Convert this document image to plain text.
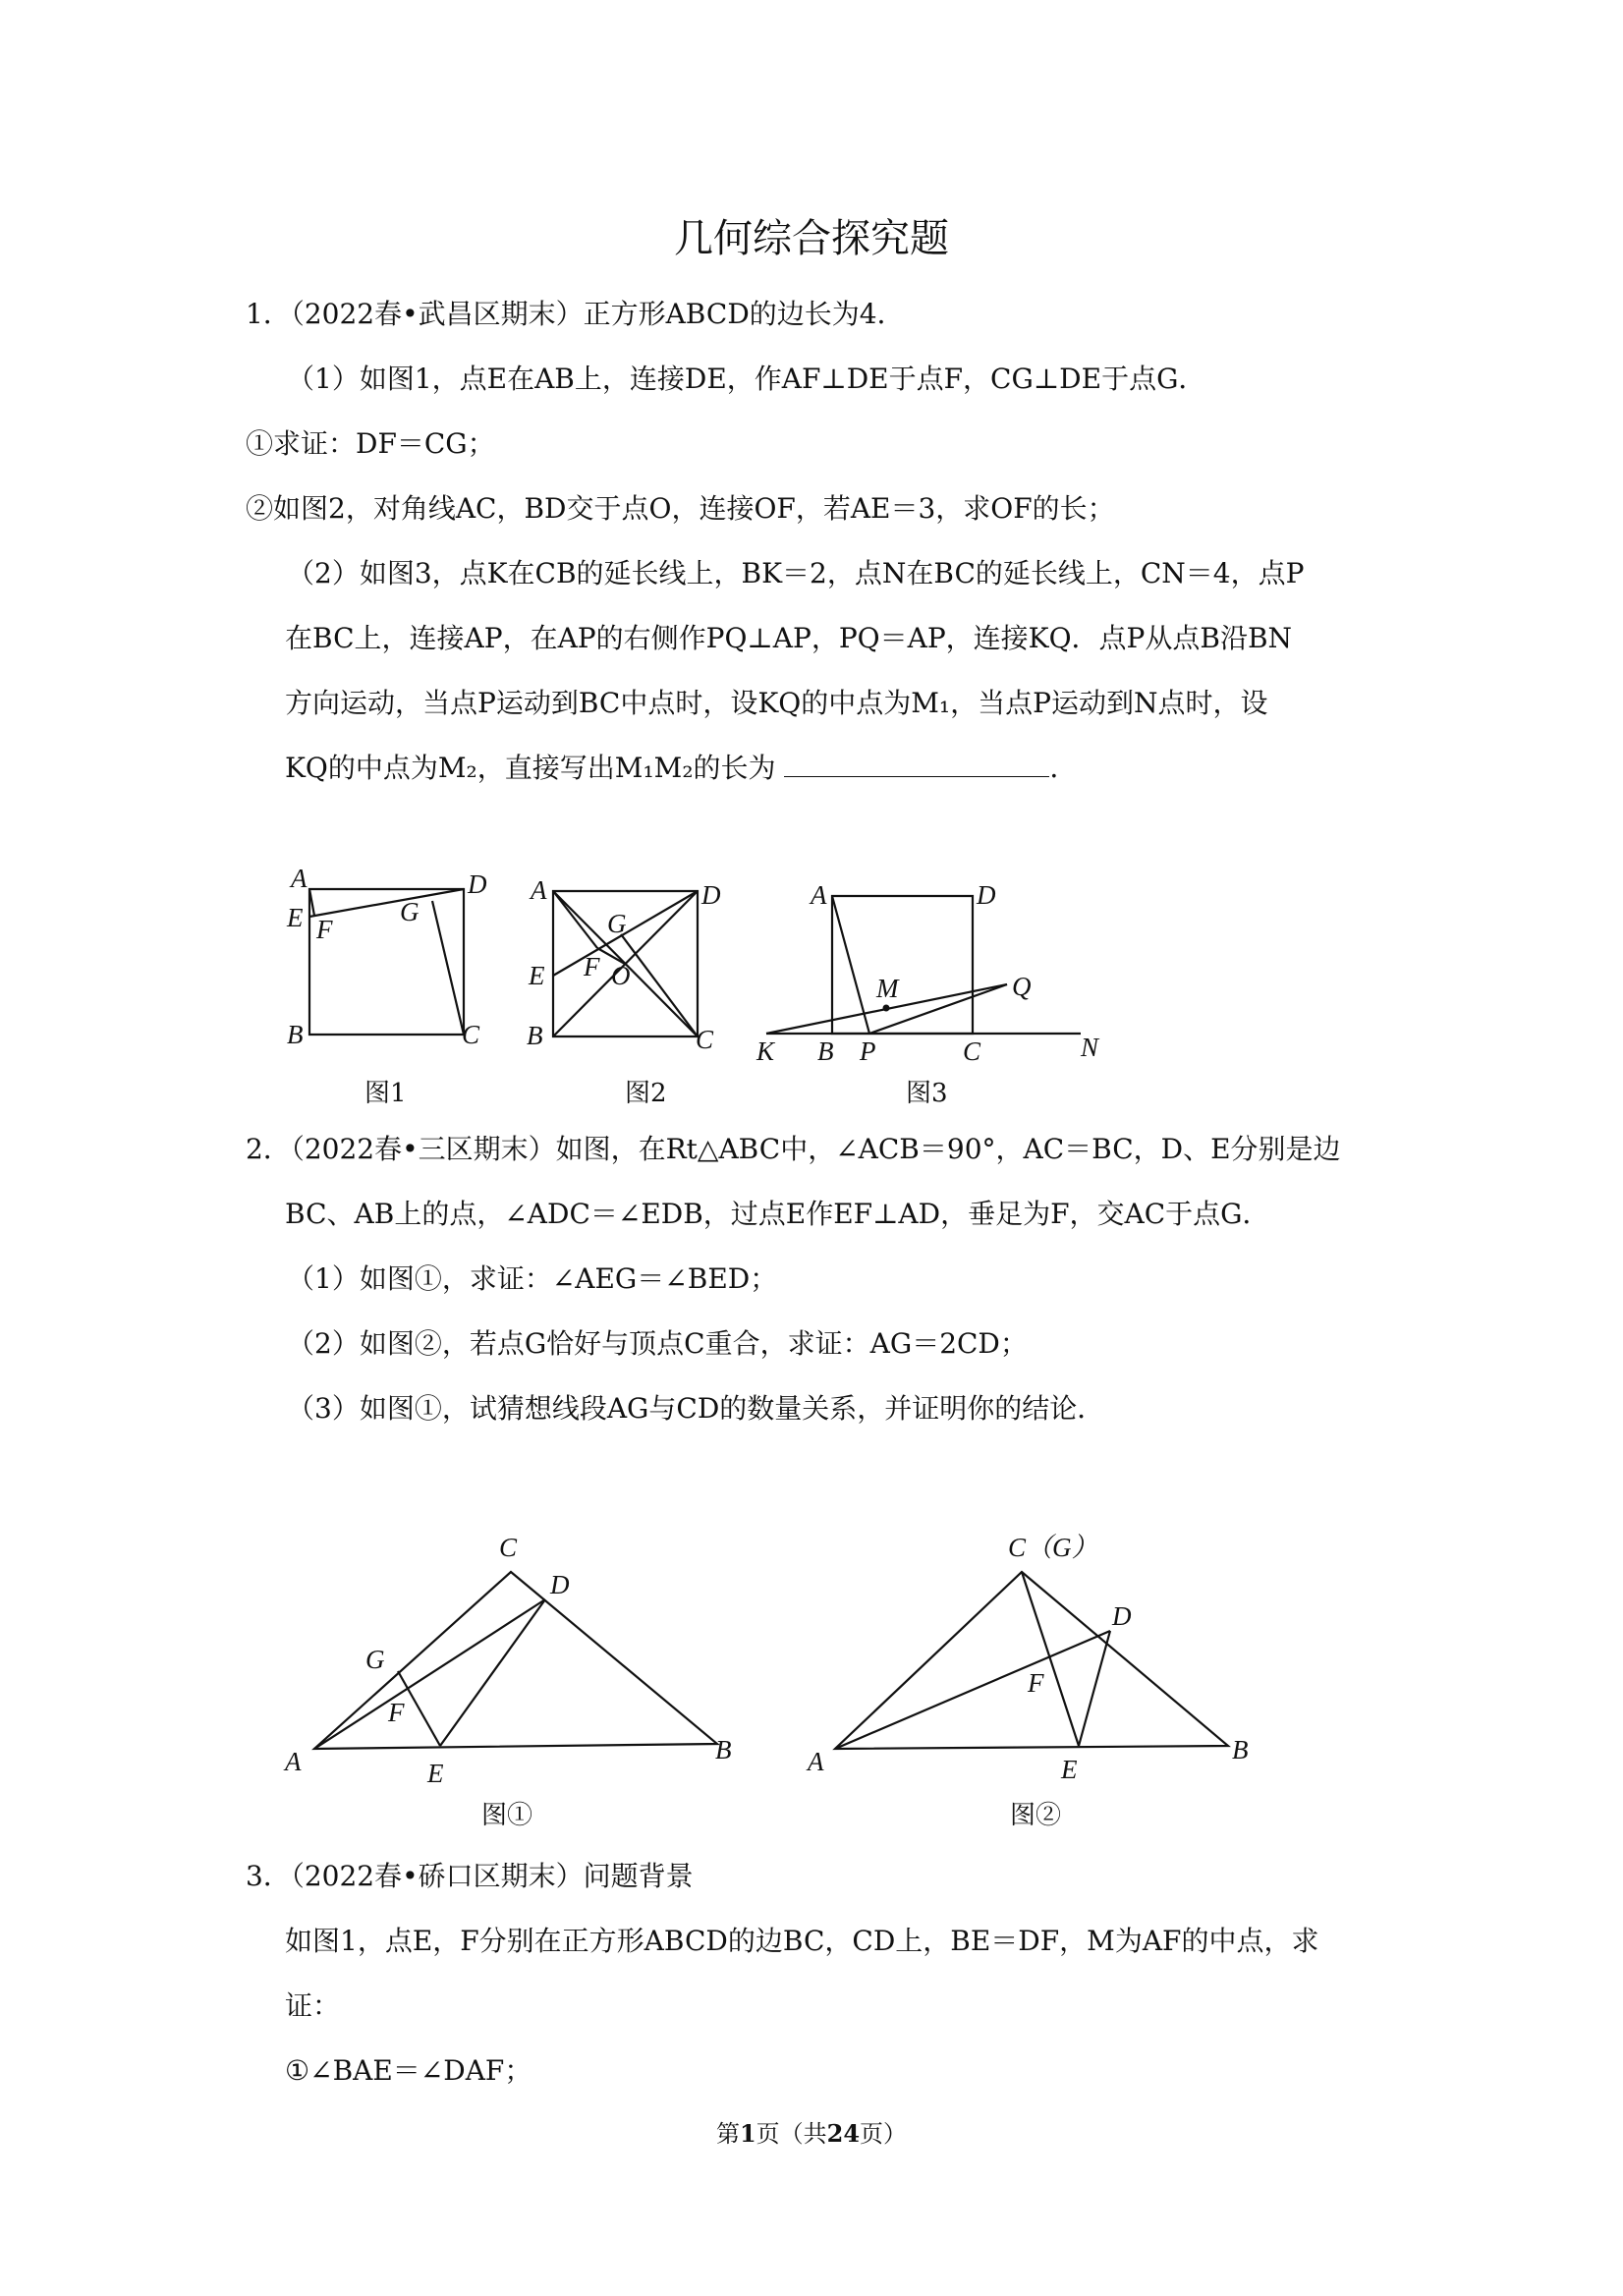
几何综合探究题
1．（2022春•武昌区期末）正方形ABCD的边长为4．
（1）如图1，点E在AB上，连接DE，作AF⊥DE于点F，CG⊥DE于点G．
①求证：DF＝CG；
②如图2，对角线AC，BD交于点O，连接OF，若AE＝3，求OF的长；
（2）如图3，点K在CB的延长线上，BK＝2，点N在BC的延长线上，CN＝4，点P
在BC上，连接AP，在AP的右侧作PQ⊥AP，PQ＝AP，连接KQ．点P从点B沿BN
方向运动，当点P运动到BC中点时，设KQ的中点为M₁，当点P运动到N点时，设
KQ的中点为M₂，直接写出M₁M₂的长为	．
A	D
E F
G
B	C
图1
A	D
G
E F O
B	C
图2
A	D
M	Q
K B P	C	N
图3
2．（2022春•三区期末）如图，在Rt△ABC中，∠ACB＝90°，AC＝BC，D、E分别是边
BC、AB上的点，∠ADC＝∠EDB，过点E作EF⊥AD，垂足为F，交AC于点G．
（1）如图①，求证：∠AEG＝∠BED；
（2）如图②，若点G恰好与顶点C重合，求证：AG＝2CD；
（3）如图①，试猜想线段AG与CD的数量关系，并证明你的结论．
C
D
G
F
A	E
B
图①
C（G）
D
F
A	E
B
图②
3．（2022春•硚口区期末）问题背景
如图1，点E，F分别在正方形ABCD的边BC，CD上，BE＝DF，M为AF的中点，求
证：
①∠BAE＝∠DAF；
第1页（共24页）
